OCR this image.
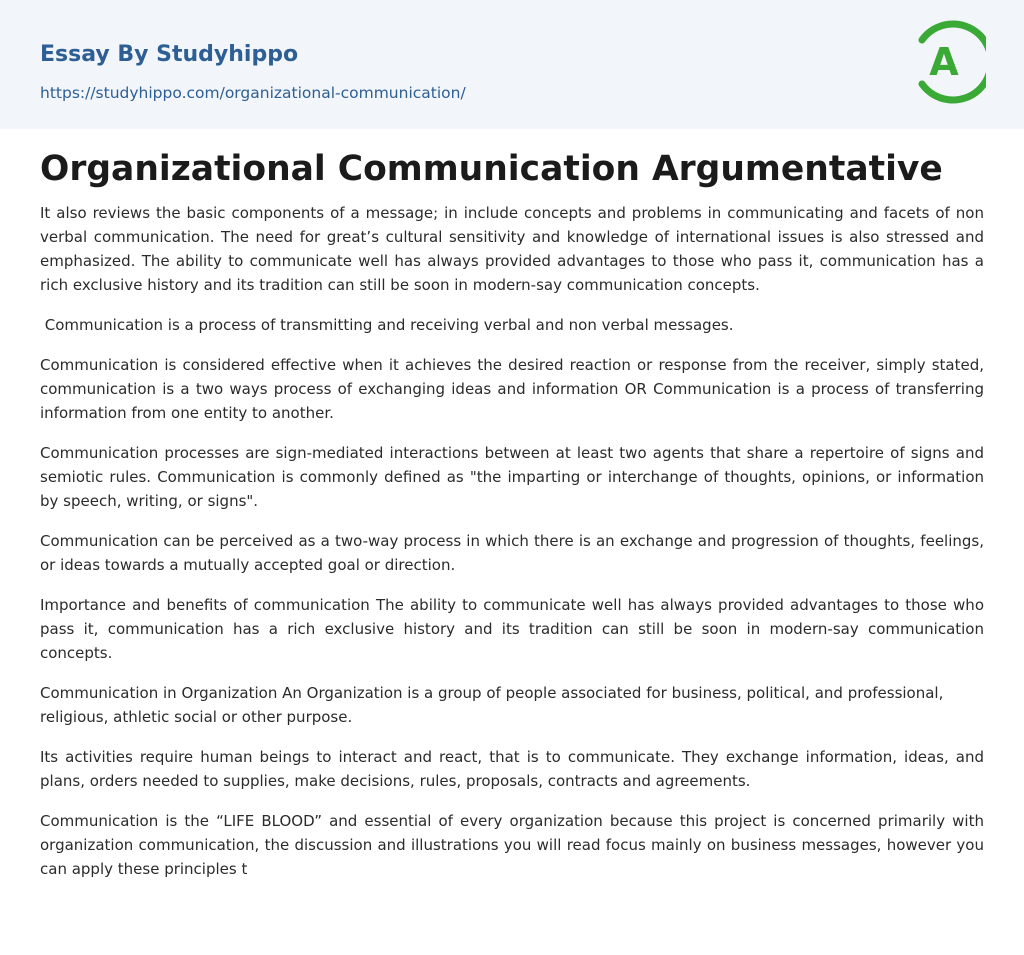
Essay By Studyhippo
https://studyhippo.com/organizational-communication/
A
Organizational Communication Argumentative

It also reviews the basic components of a message; in include concepts and problems in communicating and facets of non verbal communication. The need for great’s cultural sensitivity and knowledge of international issues is also stressed and emphasized. The ability to communicate well has always provided advantages to those who pass it, communication has a rich exclusive history and its tradition can still be soon in modern-say communication concepts.

Communication is a process of transmitting and receiving verbal and non verbal messages.

Communication is considered effective when it achieves the desired reaction or response from the receiver, simply stated, communication is a two ways process of exchanging ideas and information OR Communication is a process of transferring information from one entity to another.

Communication processes are sign-mediated interactions between at least two agents that share a repertoire of signs and semiotic rules. Communication is commonly defined as "the imparting or interchange of thoughts, opinions, or information by speech, writing, or signs".

Communication can be perceived as a two-way process in which there is an exchange and progression of thoughts, feelings, or ideas towards a mutually accepted goal or direction.

Importance and benefits of communication The ability to communicate well has always provided advantages to those who pass it, communication has a rich exclusive history and its tradition can still be soon in modern-say communication concepts.

Communication in Organization An Organization is a group of people associated for business, political, and professional, religious, athletic social or other purpose.

Its activities require human beings to interact and react, that is to communicate. They exchange information, ideas, and plans, orders needed to supplies, make decisions, rules, proposals, contracts and agreements.

Communication is the “LIFE BLOOD” and essential of every organization because this project is concerned primarily with organization communication, the discussion and illustrations you will read focus mainly on business messages, however you can apply these principles t
